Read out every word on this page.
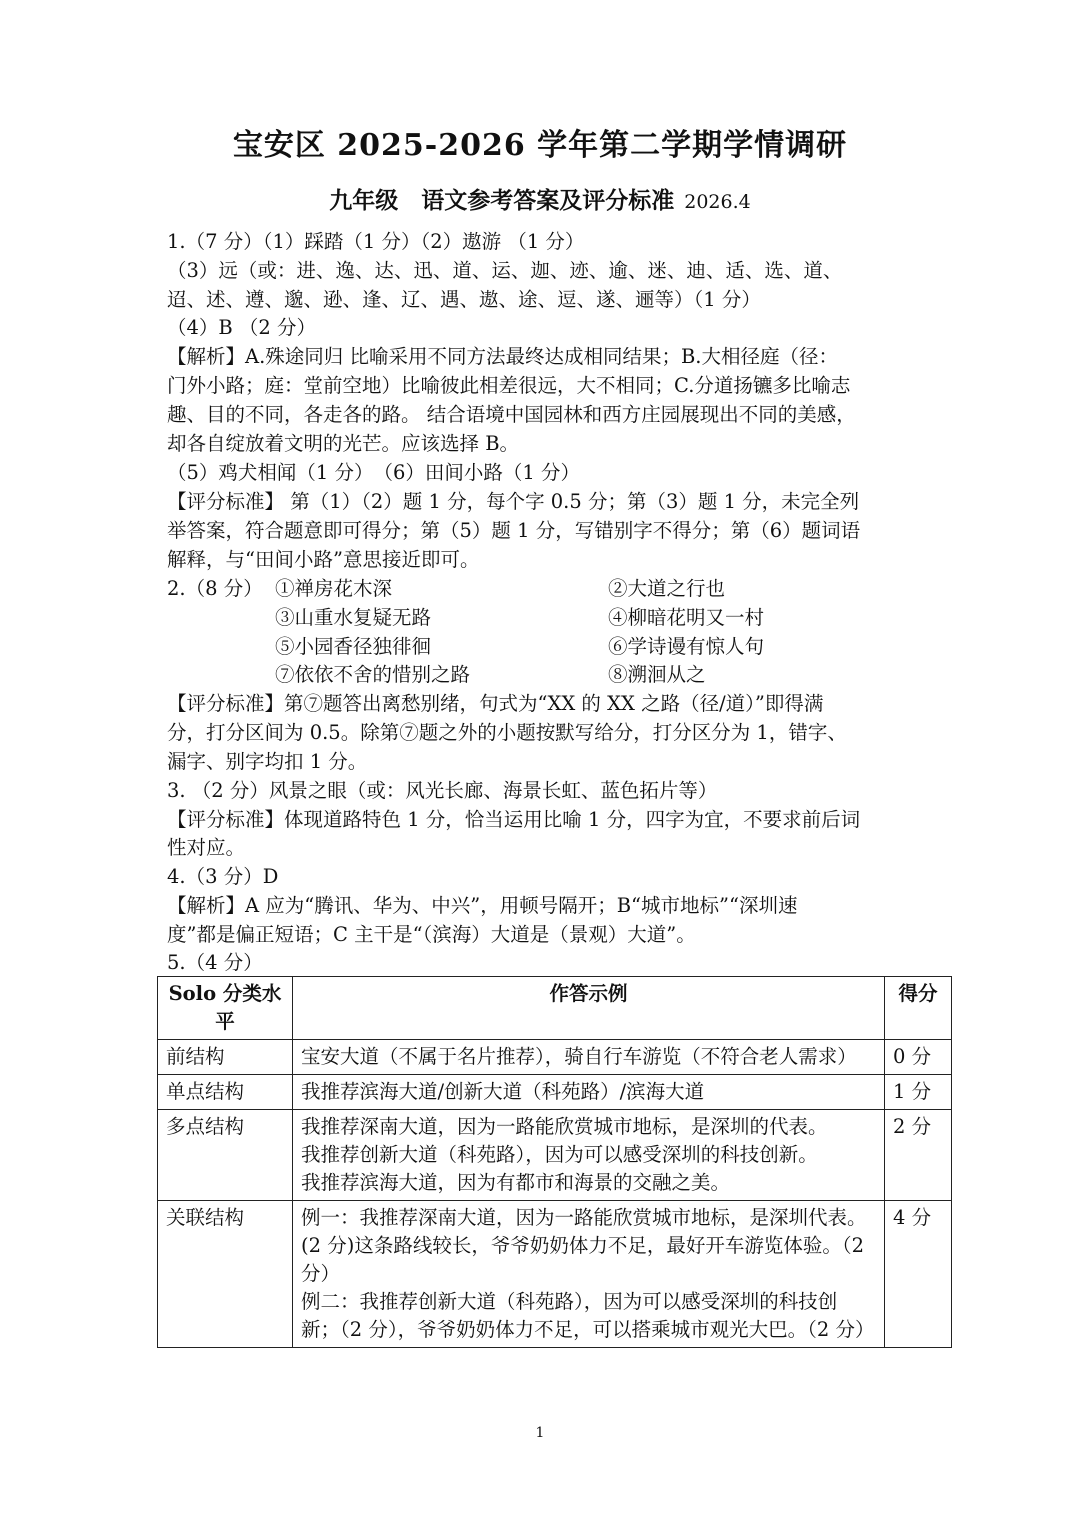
宝安区 2025-2026 学年第二学期学情调研
九年级　语文参考答案及评分标准 2026.4
1.（7 分）（1）踩踏（1 分）（2）遨游 （1 分）
（3）远（或：进、逸、达、迅、道、运、迦、迹、逾、迷、迪、适、选、道、
迢、述、遵、邈、逊、逢、辽、遇、遨、途、逗、遂、逦等）（1 分）
（4）B （2 分）
【解析】A.殊途同归 比喻采用不同方法最终达成相同结果；B.大相径庭（径：
门外小路；庭：堂前空地）比喻彼此相差很远，大不相同；C.分道扬镳多比喻志
趣、目的不同，各走各的路。 结合语境中国园林和西方庄园展现出不同的美感，
却各自绽放着文明的光芒。应该选择 B。
（5）鸡犬相闻（1 分）　（6）田间小路（1 分）
【评分标准】 第（1）（2）题 1 分，每个字 0.5 分；第（3）题 1 分，未完全列
举答案，符合题意即可得分；第（5）题 1 分，写错别字不得分；第（6）题词语
解释，与“田间小路”意思接近即可。
2.（8 分） ①禅房花木深	②大道之行也
③山重水复疑无路	④柳暗花明又一村
⑤小园香径独徘徊	⑥学诗谩有惊人句
⑦依依不舍的惜别之路	⑧溯洄从之
【评分标准】第⑦题答出离愁别绪，句式为“XX 的 XX 之路（径/道）”即得满
分，打分区间为 0.5。除第⑦题之外的小题按默写给分，打分区分为 1，错字、
漏字、别字均扣 1 分。
3. （2 分）风景之眼（或：风光长廊、海景长虹、蓝色拓片等）
【评分标准】体现道路特色 1 分，恰当运用比喻 1 分，四字为宜，不要求前后词
性对应。
4.（3 分）D
【解析】A 应为“腾讯、华为、中兴”，用顿号隔开；B“城市地标”“深圳速
度”都是偏正短语；C 主干是“（滨海）大道是（景观）大道”。
5.（4 分）
Solo 分类水平	作答示例	得分
前结构	宝安大道（不属于名片推荐），骑自行车游览（不符合老人需求）	0 分
单点结构	我推荐滨海大道/创新大道（科苑路）/滨海大道	1 分
多点结构	我推荐深南大道，因为一路能欣赏城市地标，是深圳的代表。
我推荐创新大道（科苑路），因为可以感受深圳的科技创新。
我推荐滨海大道，因为有都市和海景的交融之美。	2 分
关联结构	例一：我推荐深南大道，因为一路能欣赏城市地标，是深圳代表。(2 分)这条路线较长，爷爷奶奶体力不足，最好开车游览体验。（2 分）
例二：我推荐创新大道（科苑路），因为可以感受深圳的科技创新；（2 分），爷爷奶奶体力不足，可以搭乘城市观光大巴。（2 分）	4 分
1
